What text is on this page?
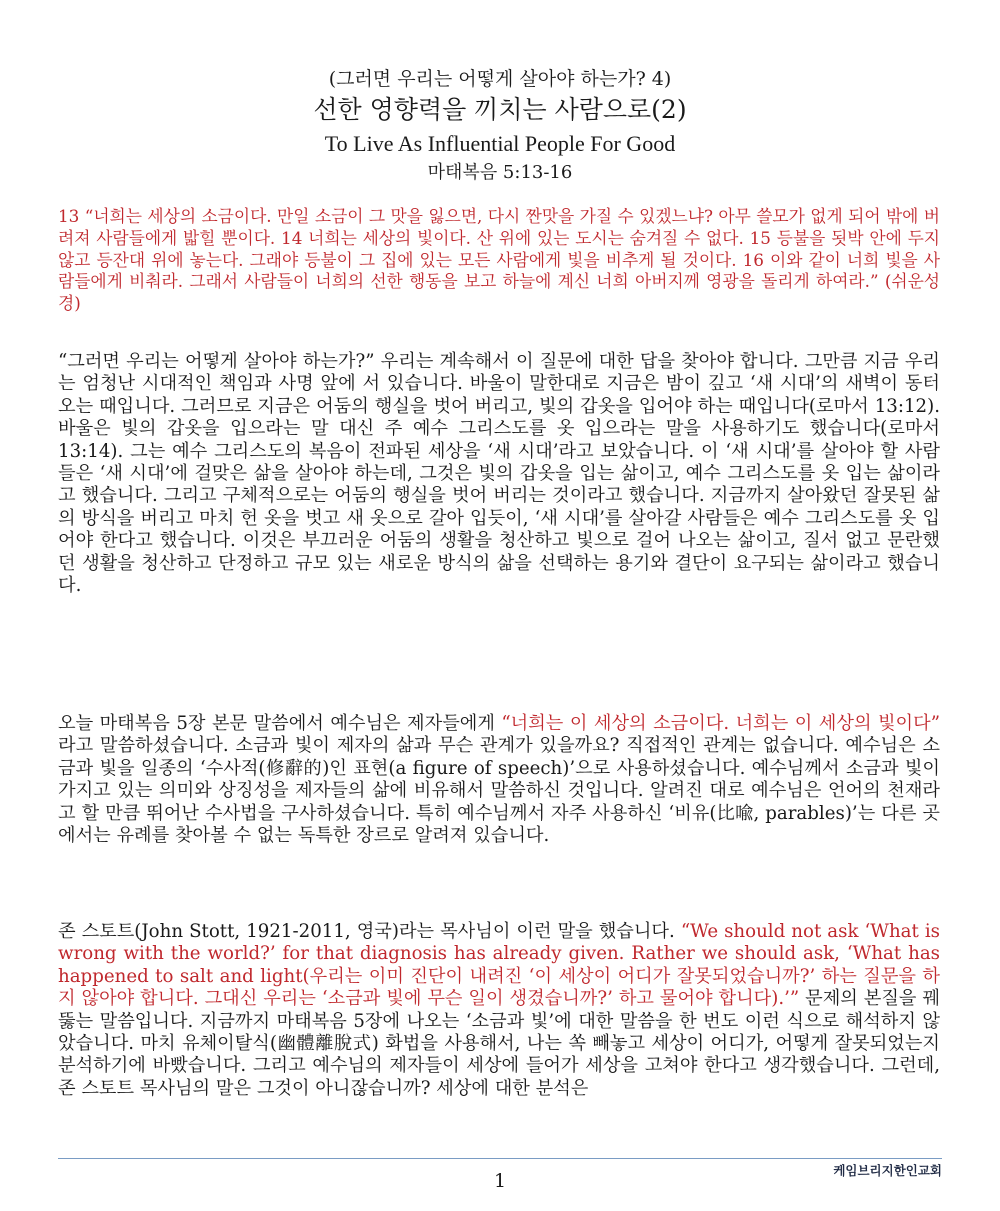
(그러면 우리는 어떻게 살아야 하는가? 4)
선한 영향력을 끼치는 사람으로(2)
To Live As Influential People For Good
마태복음 5:13-16

13 “너희는 세상의 소금이다. 만일 소금이 그 맛을 잃으면, 다시 짠맛을 가질 수 있겠느냐? 아무 쓸모가 없게 되어 밖에 버려져 사람들에게 밟힐 뿐이다. 14 너희는 세상의 빛이다. 산 위에 있는 도시는 숨겨질 수 없다. 15 등불을 됫박 안에 두지 않고 등잔대 위에 놓는다. 그래야 등불이 그 집에 있는 모든 사람에게 빛을 비추게 될 것이다. 16 이와 같이 너희 빛을 사람들에게 비춰라. 그래서 사람들이 너희의 선한 행동을 보고 하늘에 계신 너희 아버지께 영광을 돌리게 하여라.” (쉬운성경)

“그러면 우리는 어떻게 살아야 하는가?” 우리는 계속해서 이 질문에 대한 답을 찾아야 합니다. 그만큼 지금 우리는 엄청난 시대적인 책임과 사명 앞에 서 있습니다. 바울이 말한대로 지금은 밤이 깊고 ‘새 시대’의 새벽이 동터오는 때입니다. 그러므로 지금은 어둠의 행실을 벗어 버리고, 빛의 갑옷을 입어야 하는 때입니다(로마서 13:12). 바울은 빛의 갑옷을 입으라는 말 대신 주 예수 그리스도를 옷 입으라는 말을 사용하기도 했습니다(로마서 13:14). 그는 예수 그리스도의 복음이 전파된 세상을 ‘새 시대’라고 보았습니다. 이 ‘새 시대’를 살아야 할 사람들은 ‘새 시대’에 걸맞은 삶을 살아야 하는데, 그것은 빛의 갑옷을 입는 삶이고, 예수 그리스도를 옷 입는 삶이라고 했습니다. 그리고 구체적으로는 어둠의 행실을 벗어 버리는 것이라고 했습니다. 지금까지 살아왔던 잘못된 삶의 방식을 버리고 마치 헌 옷을 벗고 새 옷으로 갈아 입듯이, ‘새 시대’를 살아갈 사람들은 예수 그리스도를 옷 입어야 한다고 했습니다. 이것은 부끄러운 어둠의 생활을 청산하고 빛으로 걸어 나오는 삶이고, 질서 없고 문란했던 생활을 청산하고 단정하고 규모 있는 새로운 방식의 삶을 선택하는 용기와 결단이 요구되는 삶이라고 했습니다.

오늘 마태복음 5장 본문 말씀에서 예수님은 제자들에게 “너희는 이 세상의 소금이다. 너희는 이 세상의 빛이다” 라고 말씀하셨습니다. 소금과 빛이 제자의 삶과 무슨 관계가 있을까요? 직접적인 관계는 없습니다. 예수님은 소금과 빛을 일종의 ‘수사적(修辭的)인 표현(a figure of speech)’으로 사용하셨습니다. 예수님께서 소금과 빛이 가지고 있는 의미와 상징성을 제자들의 삶에 비유해서 말씀하신 것입니다. 알려진 대로 예수님은 언어의 천재라고 할 만큼 뛰어난 수사법을 구사하셨습니다. 특히 예수님께서 자주 사용하신 ‘비유(比喩, parables)’는 다른 곳에서는 유례를 찾아볼 수 없는 독특한 장르로 알려져 있습니다.

존 스토트(John Stott, 1921-2011, 영국)라는 목사님이 이런 말을 했습니다. “We should not ask ‘What is wrong with the world?’ for that diagnosis has already given. Rather we should ask, ‘What has happened to salt and light(우리는 이미 진단이 내려진 ‘이 세상이 어디가 잘못되었습니까?’ 하는 질문을 하지 않아야 합니다. 그대신 우리는 ‘소금과 빛에 무슨 일이 생겼습니까?’ 하고 물어야 합니다).’” 문제의 본질을 꿰뚫는 말씀입니다. 지금까지 마태복음 5장에 나오는 ‘소금과 빛’에 대한 말씀을 한 번도 이런 식으로 해석하지 않았습니다. 마치 유체이탈식(幽體離脫式) 화법을 사용해서, 나는 쏙 빼놓고 세상이 어디가, 어떻게 잘못되었는지 분석하기에 바빴습니다. 그리고 예수님의 제자들이 세상에 들어가 세상을 고쳐야 한다고 생각했습니다. 그런데, 존 스토트 목사님의 말은 그것이 아니잖습니까? 세상에 대한 분석은

케임브리지한인교회
1
